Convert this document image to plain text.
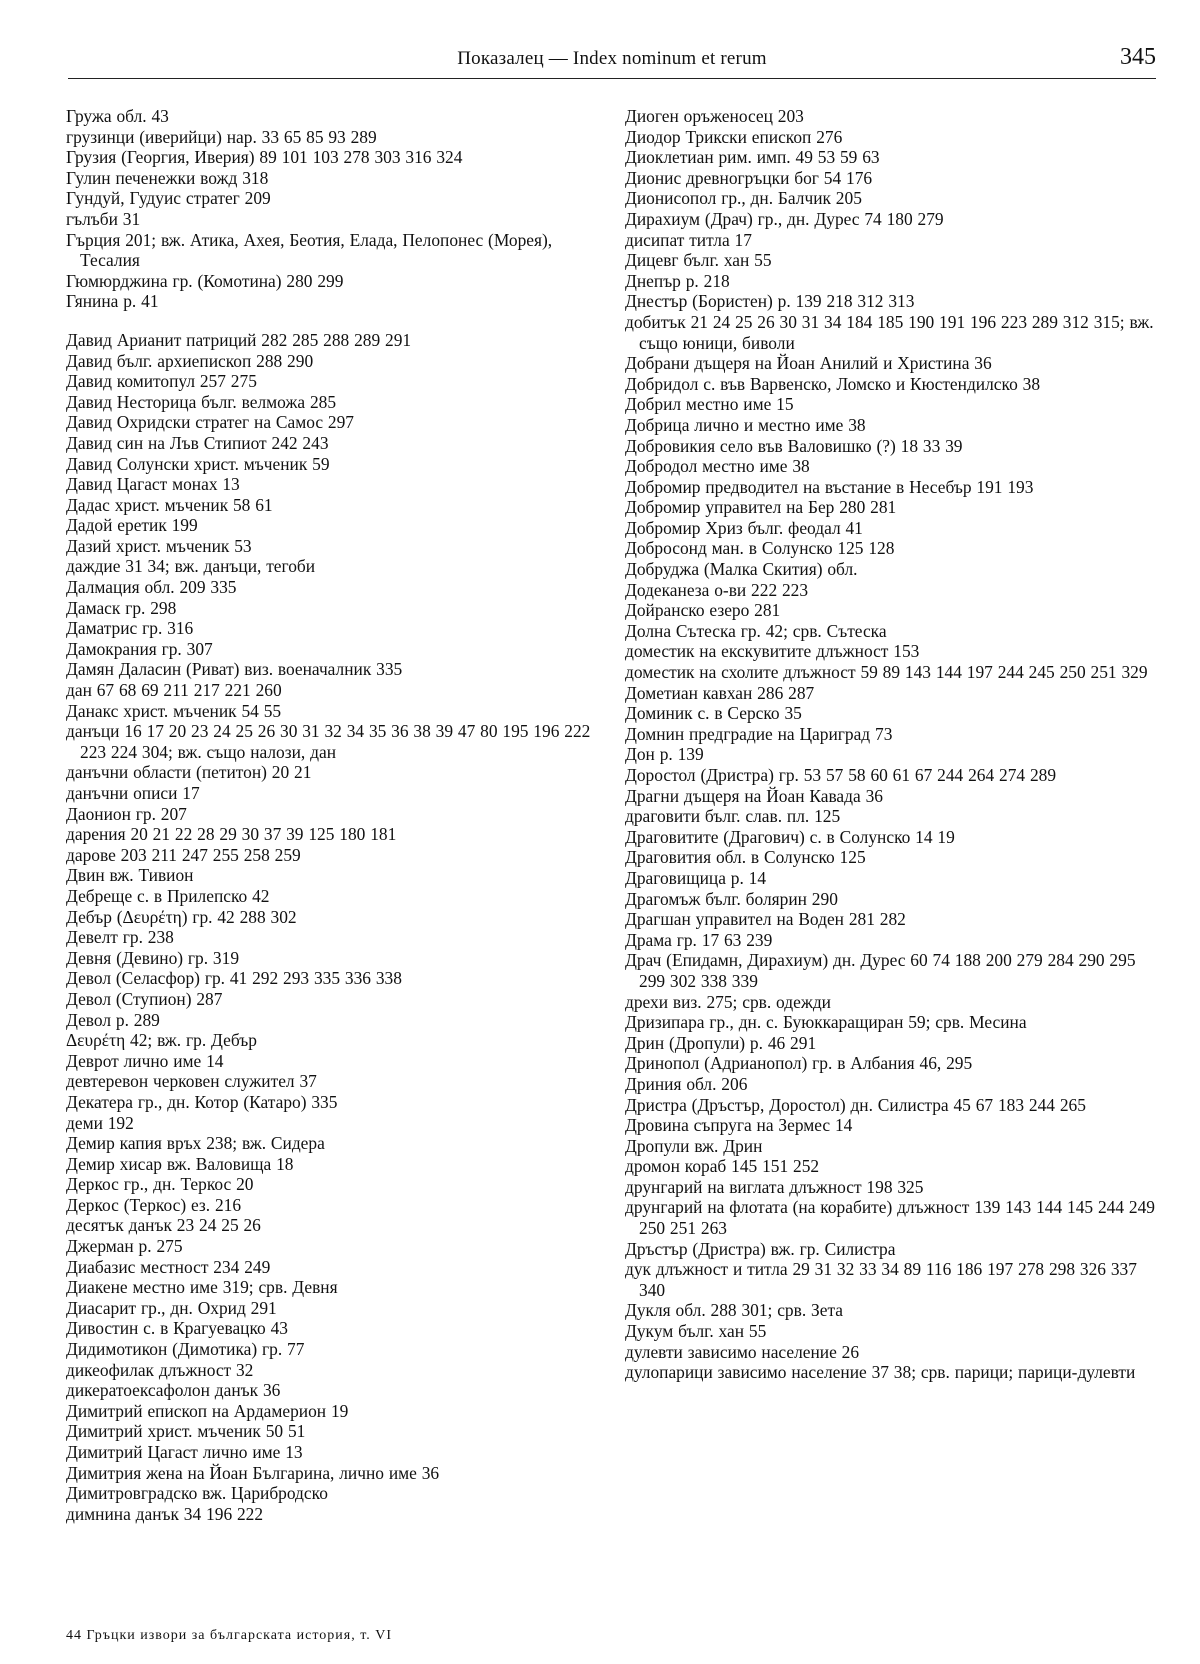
Показалец — Index nominum et rerum	345
Гружа обл. 43
грузинци (иверийци) нар. 33 65 85 93 289
Грузия (Георгия, Иверия) 89 101 103 278 303 316 324
Гулин печенежки вожд 318
Гундуй, Гудуис стратег 209
гълъби 31
Гърция 201; вж. Атика, Ахея, Беотия, Елада, Пелопонес (Морея), Тесалия
Гюмюрджина гр. (Комотина) 280 299
Гянина р. 41
Давид Арианит патриций 282 285 288 289 291
Давид бълг. архиепископ 288 290
Давид комитопул 257 275
Давид Несторица бълг. велможа 285
Давид Охридски стратег на Самос 297
Давид син на Лъв Стипиот 242 243
Давид Солунски христ. мъченик 59
Давид Цагаст монах 13
Дадас христ. мъченик 58 61
Дадой еретик 199
Дазий христ. мъченик 53
даждие 31 34; вж. данъци, тегоби
Далмация обл. 209 335
Дамаск гр. 298
Даматрис гр. 316
Дамокрания гр. 307
Дамян Даласин (Риват) виз. военачалник 335
дан 67 68 69 211 217 221 260
Данакс христ. мъченик 54 55
данъци 16 17 20 23 24 25 26 30 31 32 34 35 36 38 39 47 80 195 196 222 223 224 304; вж. също налози, дан
данъчни области (петитон) 20 21
данъчни описи 17
Даонион гр. 207
дарения 20 21 22 28 29 30 37 39 125 180 181
дарове 203 211 247 255 258 259
Двин вж. Тивион
Дебреще с. в Прилепско 42
Дебър (Δευρέτη) гр. 42 288 302
Девелт гр. 238
Девня (Девино) гр. 319
Девол (Селасфор) гр. 41 292 293 335 336 338
Девол (Ступион) 287
Девол р. 289
Δευρέτη 42; вж. гр. Дебър
Деврот лично име 14
девтеревон черковен служител 37
Декатера гр., дн. Котор (Катаро) 335
деми 192
Демир капия връх 238; вж. Сидера
Демир хисар вж. Валовища 18
Деркос гр., дн. Теркос 20
Деркос (Теркос) ез. 216
десятък данък 23 24 25 26
Джерман р. 275
Диабазис местност 234 249
Диакене местно име 319; срв. Девня
Диасарит гр., дн. Охрид 291
Дивостин с. в Крагуевацко 43
Дидимотикон (Димотика) гр. 77
дикеофилак длъжност 32
дикератоексафолон данък 36
Димитрий епископ на Ардамерион 19
Димитрий христ. мъченик 50 51
Димитрий Цагаст лично име 13
Димитрия жена на Йоан Българина, лично име 36
Димитровградско вж. Царибродско
димнина данък 34 196 222
Диоген оръженосец 203
Диодор Трикски епископ 276
Диоклетиан рим. имп. 49 53 59 63
Дионис древногръцки бог 54 176
Дионисопол гр., дн. Балчик 205
Дирахиум (Драч) гр., дн. Дурес 74 180 279
дисипат титла 17
Дицевг бълг. хан 55
Днепър р. 218
Днестър (Бористен) р. 139 218 312 313
добитък 21 24 25 26 30 31 34 184 185 190 191 196 223 289 312 315; вж. също юници, биволи
Добрани дъщеря на Йоан Анилий и Христина 36
Добридол с. във Варвенско, Ломско и Кюстендилско 38
Добрил местно име 15
Добрица лично и местно име 38
Добровикия село във Валовишко (?) 18 33 39
Добродол местно име 38
Добромир предводител на въстание в Несебър 191 193
Добромир управител на Бер 280 281
Добромир Хриз бълг. феодал 41
Добросонд ман. в Солунско 125 128
Добруджа (Малка Скития) обл.
Додеканеза о-ви 222 223
Дойранско езеро 281
Долна Сътеска гр. 42; срв. Сътеска
доместик на екскувитите длъжност 153
доместик на схолите длъжност 59 89 143 144 197 244 245 250 251 329
Дометиан кавхан 286 287
Доминик с. в Серско 35
Домнин предградие на Цариград 73
Дон р. 139
Доростол (Дристра) гр. 53 57 58 60 61 67 244 264 274 289
Драгни дъщеря на Йоан Кавада 36
драговити бълг. слав. пл. 125
Драговитите (Драгович) с. в Солунско 14 19
Драговития обл. в Солунско 125
Драговищица р. 14
Драгомъж бълг. болярин 290
Драгшан управител на Воден 281 282
Драма гр. 17 63 239
Драч (Епидамн, Дирахиум) дн. Дурес 60 74 188 200 279 284 290 295 299 302 338 339
дрехи виз. 275; срв. одежди
Дризипара гр., дн. с. Буюккаращиран 59; срв. Месина
Дрин (Дропули) р. 46 291
Дринопол (Адрианопол) гр. в Албания 46, 295
Дриния обл. 206
Дристра (Дръстър, Доростол) дн. Силистра 45 67 183 244 265
Дровина съпруга на Зермес 14
Дропули вж. Дрин
дромон кораб 145 151 252
друнгарий на виглата длъжност 198 325
друнгарий на флотата (на корабите) длъжност 139 143 144 145 244 249 250 251 263
Дръстър (Дристра) вж. гр. Силистра
дук длъжност и титла 29 31 32 33 34 89 116 186 197 278 298 326 337 340
Дукля обл. 288 301; срв. Зета
Дукум бълг. хан 55
дулевти зависимо население 26
дулопарици зависимо население 37 38; срв. парици; парици-дулевти
44 Гръцки извори за българската история, т. VI
